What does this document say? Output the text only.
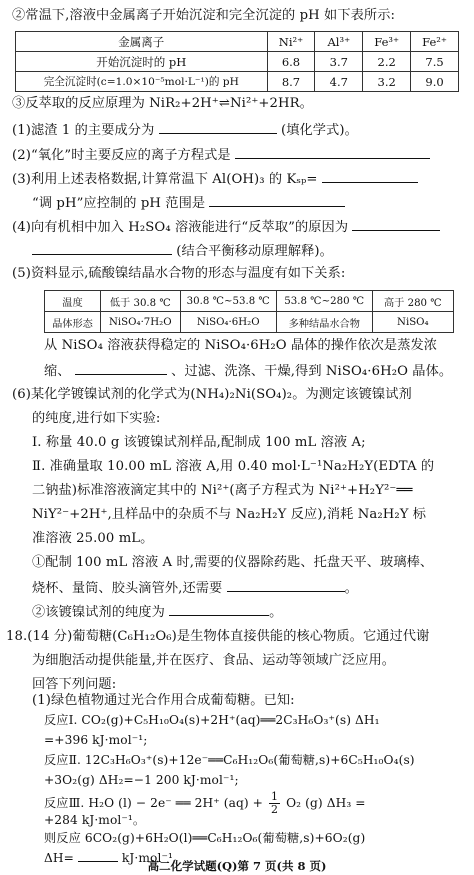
②常温下,溶液中金属离子开始沉淀和完全沉淀的 pH 如下表所示:
金属离子	Ni²⁺	Al³⁺	Fe³⁺	Fe²⁺
开始沉淀时的 pH	6.8	3.7	2.2	7.5
完全沉淀时(c=1.0×10⁻⁵mol·L⁻¹)的 pH	8.7	4.7	3.2	9.0
③反萃取的反应原理为 NiR₂+2H⁺⇌Ni²⁺+2HR。
(1)滤渣 1 的主要成分为	(填化学式)。
(2)“氧化”时主要反应的离子方程式是
(3)利用上述表格数据,计算常温下 Al(OH)₃ 的 Kₛₚ=
“调 pH”应控制的 pH 范围是
(4)向有机相中加入 H₂SO₄ 溶液能进行“反萃取”的原因为
(结合平衡移动原理解释)。
(5)资料显示,硫酸镍结晶水合物的形态与温度有如下关系:
温度	低于 30.8 ℃	30.8 ℃~53.8 ℃	53.8 ℃~280 ℃	高于 280 ℃
晶体形态	NiSO₄·7H₂O	NiSO₄·6H₂O	多种结晶水合物	NiSO₄
从 NiSO₄ 溶液获得稳定的 NiSO₄·6H₂O 晶体的操作依次是蒸发浓
缩、	、过滤、洗涤、干燥,得到 NiSO₄·6H₂O 晶体。
(6)某化学镀镍试剂的化学式为(NH₄)₂Ni(SO₄)₂。为测定该镀镍试剂
的纯度,进行如下实验:
Ⅰ. 称量 40.0 g 该镀镍试剂样品,配制成 100 mL 溶液 A;
Ⅱ. 准确量取 10.00 mL 溶液 A,用 0.40 mol·L⁻¹Na₂H₂Y(EDTA 的
二钠盐)标准溶液滴定其中的 Ni²⁺(离子方程式为 Ni²⁺+H₂Y²⁻══
NiY²⁻+2H⁺,且样品中的杂质不与 Na₂H₂Y 反应),消耗 Na₂H₂Y 标
准溶液 25.00 mL。
①配制 100 mL 溶液 A 时,需要的仪器除药匙、托盘天平、玻璃棒、
烧杯、量筒、胶头滴管外,还需要	。
②该镀镍试剂的纯度为	。
18.(14 分)葡萄糖(C₆H₁₂O₆)是生物体直接供能的核心物质。它通过代谢
为细胞活动提供能量,并在医疗、食品、运动等领域广泛应用。
回答下列问题:
(1)绿色植物通过光合作用合成葡萄糖。已知:
反应Ⅰ. CO₂(g)+C₅H₁₀O₄(s)+2H⁺(aq)══2C₃H₆O₃⁺(s) ΔH₁
=+396 kJ·mol⁻¹;
反应Ⅱ. 12C₃H₆O₃⁺(s)+12e⁻══C₆H₁₂O₆(葡萄糖,s)+6C₅H₁₀O₄(s)
+3O₂(g) ΔH₂=−1 200 kJ·mol⁻¹;
反应Ⅲ. H₂O (l) − 2e⁻ ══ 2H⁺ $(aq) + \frac{1}{2} O_2$ (g) ΔH₃ =
+284 kJ·mol⁻¹。
则反应 6CO₂(g)+6H₂O(l)══C₆H₁₂O₆(葡萄糖,s)+6O₂(g)
ΔH=	kJ·mol⁻¹。
高二化学试题(Q)第 7 页(共 8 页)
